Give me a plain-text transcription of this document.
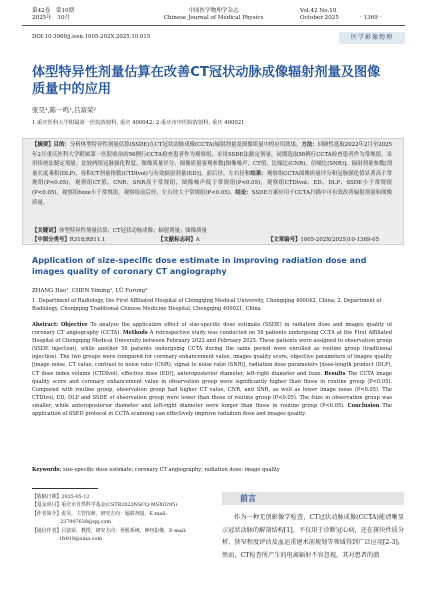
第42卷　第10期
2025年　10月
中国医学物理学杂志
Chinese Journal of Medical Physics
Vol.42 No.10
October 2025	· 1369 ·
DOI:10.3969/j.issn.1005-202X.2025.10.015	医学影像物理
体型特异性剂量估算在改善CT冠状动脉成像辐射剂量及图像质量中的应用
张昊¹,陈一鸣¹,吕富荣²
1.重庆医科大学附属第一医院放射科, 重庆 400042; 2.重庆市中医院放射科, 重庆 400021
【摘要】目的：分析体型特异性剂量估算(SSDE)在CT冠状动脉成像(CCTA)辐射剂量及图像质量中的应用效果。方法：回顾性选取2022年2月至2025年2月重庆医科大学附属第一医院收治的56例行CCTA检查患者作为观察组，采用SSDE法制定剂量，同期选取56例行CCTA检查患者作为常规组，采用传统法制定剂量。比较两组冠脉强化程度、图像质量评分、图像质量客观参数[图像噪声、CT值、比噪比(CNR)、信噪比(SNR)]、辐射剂量参数[剂量长度乘积(DLP)、容积CT剂量指数(CTDIvol)与有效辐射剂量(ED)]、前后径、左右径和结果：观察组CCTA图像质量评分和冠脉强化值显著高于常规组(P<0.05)，观察组CT值、CNR、SNR高于常规组，图像噪声低于常规组(P<0.05)，观察组CTDIvol、ED、DLP、SSDE小于常规组(P<0.05)，观察组fsize小于常规组，观察组前后径、左右径大于常规组(P<0.05)。结论：SSDE方案应用于CCTA扫描中可有效改善辐射剂量和图像质量。
【关键词】体型特异性剂量估算；CT冠状动脉成像；辐射剂量；图像质量
【中图分类号】R318;R811.1	【文献标志码】A	【文章编号】1005-202X(2025)10-1369-05
Application of size-specific dose estimate in improving radiation dose and images quality of coronary CT angiography
ZHANG Hao¹, CHEN Yiming¹, LÜ Furong²
1. Department of Radiology, the First Affiliated Hospital of Chongqing Medical University, Chongqing 400042, China; 2. Department of Radiology, Chongqing Traditional Chinese Medicine Hospital, Chongqing 400021, China
Abstract: Objective To analyze the application effect of size-specific dose estimate (SSDE) in radiation dose and images quality of coronary CT angiography (CCTA). Methods A retrospective study was conducted on 56 patients undergoing CCTA at the First Affiliated Hospital of Chongqing Medical University between February 2022 and February 2025. These patients were assigned to observation group (SSDE injection), while another 56 patients undergoing CCTA during the same period were enrolled as routine group (traditional injection). The two groups were compared for coronary enhancement value, images quality score, objective parameters of images quality [image noise, CT value, contrast to noise ratio (CNR), signal to noise ratio (SNR)], radiation dose parameters [dose-length product (DLP), CT dose index volume (CTDIvol), effective dose (ED)], anteroposterior diameter, left-right diameter and fsize. Results The CCTA image quality score and coronary enhancement value in observation group were significantly higher than those in routine group (P<0.05). Compared with routine group, observation group had higher CT value, CNR, and SNR, as well as lower image noise (P<0.05). The CTDIvol, ED, DLP and SSDE of observation group were lower than those of routine group (P<0.05). The fsize in observation group was smaller, while anteroposterior diameter and left-right diameter were longer than those in routine group (P<0.05). Conclusion The application of SSED protocol in CCTA scanning can effectively improve radiation dose and images quality.
Keywords: size-specific dose estimate; coronary CT angiography; radiation dose; image quality
【收稿日期】2025-05-12
【基金项目】重庆市自然科学基金(CSTB2023NSCQ-MSX0295)
【作者简介】张昊，主管技师，研究方向：辐射剂量，E-mail:
237907638@qq.com
【通信作者】吕富荣，教授，研究方向：骨肌系统、神经影像，E-mail:
lfr918@sina.com
前言
作为一种无创影像学检查，CT冠状动脉成像(CCTA)能清晰显示冠状动脉的解剖结构[1]，不仅用于诊断冠心病，还在斑块性质分析、狭窄程度评估及血运重建术前规划等领域得到广泛应用[2-3]。然而，CT检查所产生的电离辐射不容忽视，其对患者的潜
